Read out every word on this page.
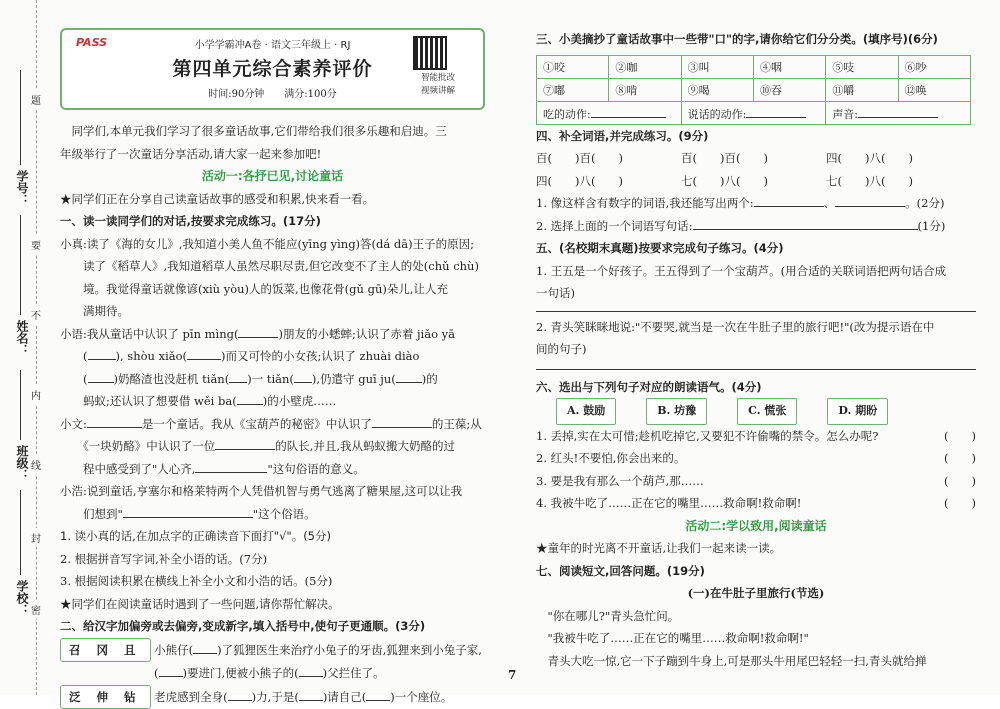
学号：
姓名：
班级：
学校：
题
要
不
内
线
封
密
PASS	小学学霸冲A卷 · 语文三年级上 · RJ
第四单元综合素养评价
时间:90分钟　　满分:100分
智能批改
视频讲解

　同学们,本单元我们学习了很多童话故事,它们带给我们很多乐趣和启迪。三

年级举行了一次童话分享活动,请大家一起来参加吧!

活动一:各抒已见,讨论童话

★同学们正在分享自己读童话故事的感受和积累,快来看一看。

一、读一读同学们的对话,按要求完成练习。(17分)

小真:读了《海的女儿》,我知道小美人鱼不能应(yīng yìng)答(dá dā)王子的原因;

　　读了《稻草人》,我知道稻草人虽然尽职尽责,但它改变不了主人的处(chǔ chù)

　　境。我觉得童话就像谚(xiù yòu)人的饭菜,也像花骨(gǔ gū)朵儿,让人充

　　满期待。

小语:我从童话中认识了 pīn mìng(	)朋友的小蟋蟀;认识了赤着 jiǎo yā

　　( ), shòu xiǎo(	)而又可怜的小女孩;认识了 zhuài diào

　　( )奶酪渣也没赶机 tiǎn( )一 tiǎn( ),仍遣守 guī ju( )的

　　蚂蚁;还认识了想要借 wěi ba( )的小壁虎……

小文:	是一个童话。我从《宝葫芦的秘密》中认识了	的王葆;从

　　《一块奶酪》中认识了一位	的队长,并且,我从蚂蚁搬大奶酪的过

　　程中感受到了"人心齐,	"这句俗语的意义。

小浩:说到童话,亨塞尔和格莱特两个人凭借机智与勇气逃离了糖果屋,这可以让我

　　们想到"	"这个俗语。

1. 读小真的话,在加点字的正确读音下面打"√"。(5分)

2. 根据拼音写字词,补全小语的话。(7分)

3. 根据阅读积累在横线上补全小文和小浩的话。(5分)

★同学们在阅读童话时遇到了一些问题,请你帮忙解决。

二、给汉字加偏旁或去偏旁,变成新字,填入括号中,使句子更通顺。(3分)

召 冈 且 小熊仔( )了狐狸医生来治疗小兔子的牙齿,狐狸来到小兔子家,

( )要进门,便被小熊子的( )父拦住了。

泛 伸 钻 老虎感到全身( )力,于是( )请自己( )一个座位。

三、小美摘抄了童话故事中一些带"口"的字,请你给它们分分类。(填序号)(6分)

①咬	②咖	③叫	④咽	⑤吱	⑥吵
⑦嘟	⑧啃	⑨喝	⑩吞	⑪嚼	⑫唤
吃的动作:		说话的动作:		声音:	

四、补全词语,并完成练习。(9分)

百(　　)百(　　)	百(　　)百(　　)	四(　　)八(　　)

四(　　)八(　　)	七(　　)八(　　)	七(　　)八(　　)

1. 像这样含有数字的词语,我还能写出两个:	、	。(2分)

2. 选择上面的一个词语写句话:	(1分)

五、(名校期末真题)按要求完成句子练习。(4分)

1. 王五是一个好孩子。王五得到了一个宝葫芦。(用合适的关联词语把两句话合成

一句话)

2. 青头笑眯眯地说:"不要哭,就当是一次在牛肚子里的旅行吧!"(改为提示语在中

间的句子)

六、选出与下列句子对应的朗读语气。(4分)

A. 鼓励	B. 坊豫	C. 慌张	D. 期盼

1. 丢掉,实在太可惜;趁机吃掉它,又要犯不许偷嘴的禁令。怎么办呢?	(　　)

2. 红头!不要怕,你会出来的。	(　　)

3. 要是我有那么一个葫芦,那……	(　　)

4. 我被牛吃了……正在它的嘴里……救命啊!救命啊!	(　　)

活动二:学以致用,阅读童话

★童年的时光离不开童话,让我们一起来读一读。

七、阅读短文,回答问题。(19分)

(一)在牛肚子里旅行(节选)

　"你在哪儿?"青头急忙问。

　"我被牛吃了……正在它的嘴里……救命啊!救命啊!"

　青头大吃一惊,它一下子蹦到牛身上,可是那头牛用尾巴轻轻一扫,青头就给掸

7
